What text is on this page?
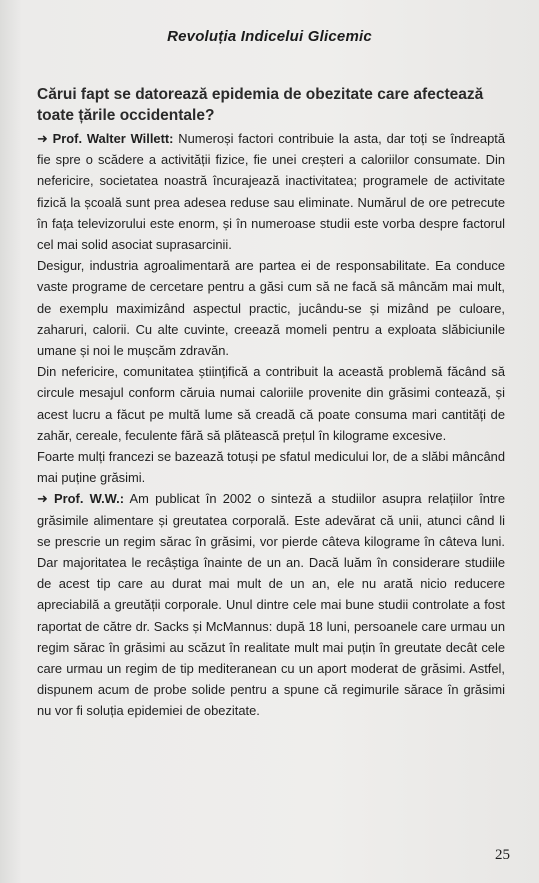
Revoluția Indicelui Glicemic
Cărui fapt se datorează epidemia de obezitate care afectează toate țările occidentale?

➜ Prof. Walter Willett: Numeroși factori contribuie la asta, dar toți se îndreaptă fie spre o scădere a activității fizice, fie unei creșteri a caloriilor consumate. Din nefericire, societatea noastră încurajează inactivitatea; programele de activitate fizică la școală sunt prea adesea reduse sau eliminate. Numărul de ore petrecute în fața televizorului este enorm, și în numeroase studii este vorba despre factorul cel mai solid asociat suprasarcinii.

Desigur, industria agroalimentară are partea ei de responsabilitate. Ea conduce vaste programe de cercetare pentru a găsi cum să ne facă să mâncăm mai mult, de exemplu maximizând aspectul practic, jucându-se și mizând pe culoare, zaharuri, calorii. Cu alte cuvinte, creează momeli pentru a exploata slăbiciunile umane și noi le mușcăm zdravăn.

Din nefericire, comunitatea științifică a contribuit la această problemă făcând să circule mesajul conform căruia numai caloriile provenite din grăsimi contează, și acest lucru a făcut pe multă lume să creadă că poate consuma mari cantități de zahăr, cereale, feculente fără să plătească prețul în kilograme excesive.

Foarte mulți francezi se bazează totuși pe sfatul medicului lor, de a slăbi mâncând mai puține grăsimi.

➜ Prof. W.W.: Am publicat în 2002 o sinteză a studiilor asupra relațiilor între grăsimile alimentare și greutatea corporală. Este adevărat că unii, atunci când li se prescrie un regim sărac în grăsimi, vor pierde câteva kilograme în câteva luni. Dar majoritatea le recâștiga înainte de un an. Dacă luăm în considerare studiile de acest tip care au durat mai mult de un an, ele nu arată nicio reducere apreciabilă a greutății corporale. Unul dintre cele mai bune studii controlate a fost raportat de către dr. Sacks și McMannus: după 18 luni, persoanele care urmau un regim sărac în grăsimi au scăzut în realitate mult mai puțin în greutate decât cele care urmau un regim de tip mediteranean cu un aport moderat de grăsimi. Astfel, dispunem acum de probe solide pentru a spune că regimurile sărace în grăsimi nu vor fi soluția epidemiei de obezitate.

25
